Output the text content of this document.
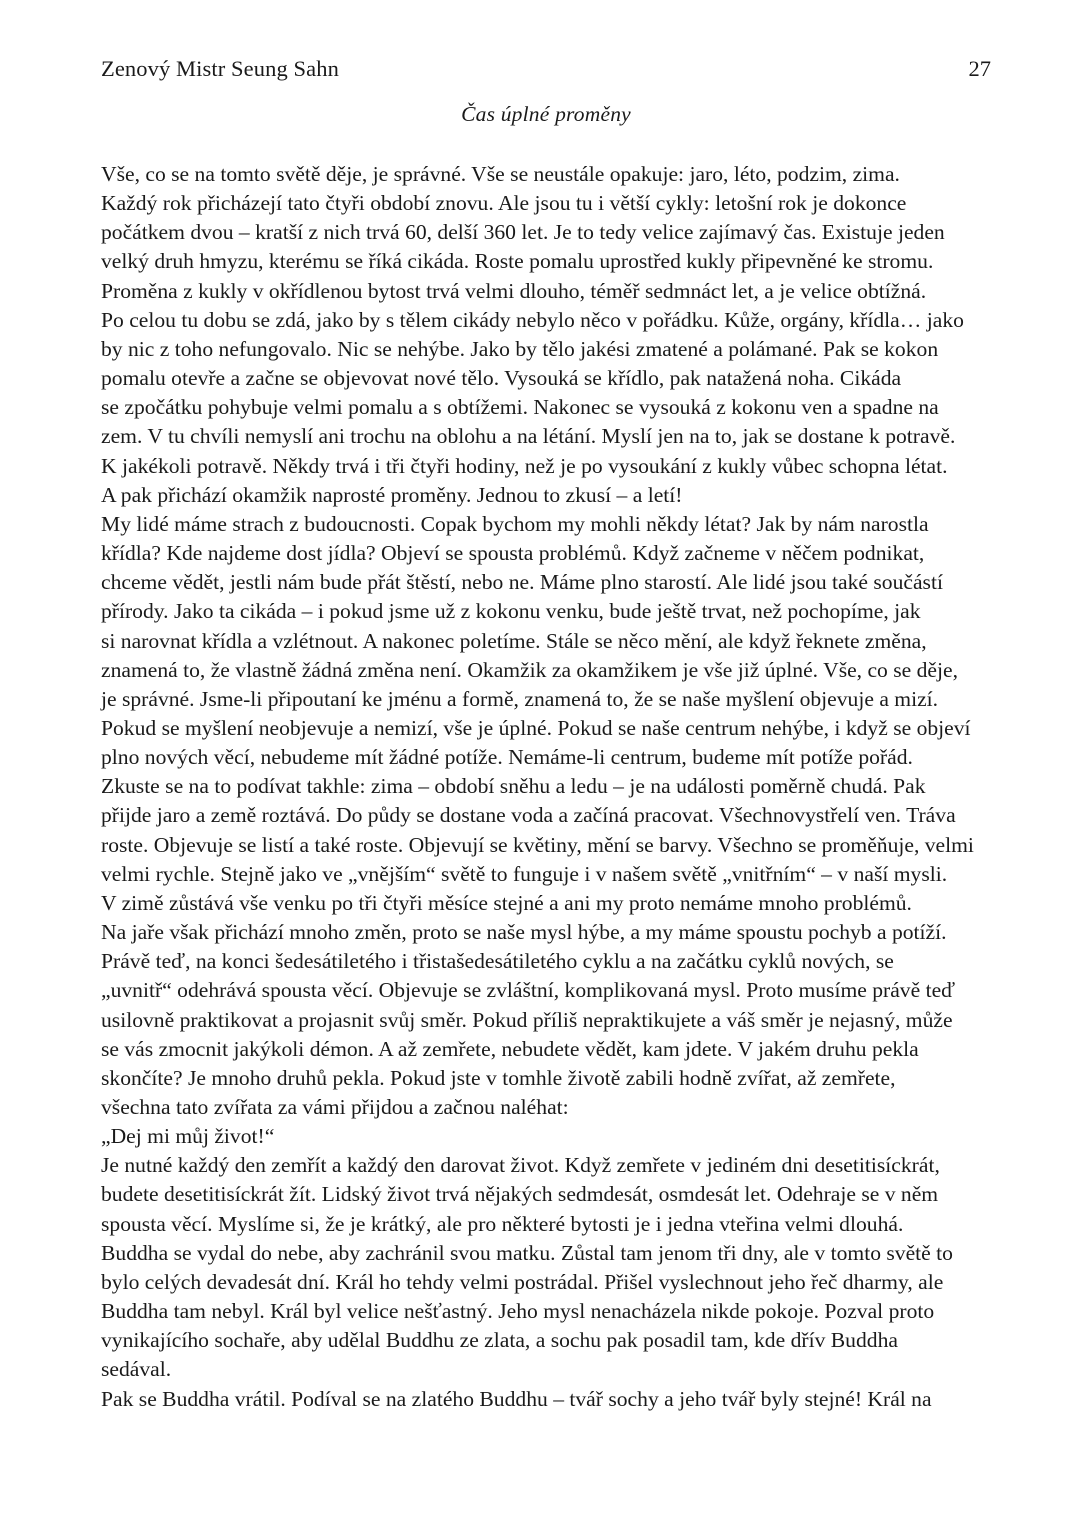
Zenový Mistr Seung Sahn	27
Čas úplné proměny

Vše, co se na tomto světě děje, je správné. Vše se neustále opakuje: jaro, léto, podzim, zima.
Každý rok přicházejí tato čtyři období znovu. Ale jsou tu i větší cykly: letošní rok je dokonce
počátkem dvou – kratší z nich trvá 60, delší 360 let. Je to tedy velice zajímavý čas. Existuje jeden
velký druh hmyzu, kterému se říká cikáda. Roste pomalu uprostřed kukly připevněné ke stromu.
Proměna z kukly v okřídlenou bytost trvá velmi dlouho, téměř sedmnáct let, a je velice obtížná.
Po celou tu dobu se zdá, jako by s tělem cikády nebylo něco v pořádku. Kůže, orgány, křídla… jako
by nic z toho nefungovalo. Nic se nehýbe. Jako by tělo jakési zmatené a polámané. Pak se kokon
pomalu otevře a začne se objevovat nové tělo. Vysouká se křídlo, pak natažená noha. Cikáda
se zpočátku pohybuje velmi pomalu a s obtížemi. Nakonec se vysouká z kokonu ven a spadne na
zem. V tu chvíli nemyslí ani trochu na oblohu a na létání. Myslí jen na to, jak se dostane k potravě.
K jakékoli potravě. Někdy trvá i tři čtyři hodiny, než je po vysoukání z kukly vůbec schopna létat.
A pak přichází okamžik naprosté proměny. Jednou to zkusí – a letí!

My lidé máme strach z budoucnosti. Copak bychom my mohli někdy létat? Jak by nám narostla
křídla? Kde najdeme dost jídla? Objeví se spousta problémů. Když začneme v něčem podnikat,
chceme vědět, jestli nám bude přát štěstí, nebo ne. Máme plno starostí. Ale lidé jsou také součástí
přírody. Jako ta cikáda – i pokud jsme už z kokonu venku, bude ještě trvat, než pochopíme, jak
si narovnat křídla a vzlétnout. A nakonec poletíme. Stále se něco mění, ale když řeknete změna,
znamená to, že vlastně žádná změna není. Okamžik za okamžikem je vše již úplné. Vše, co se děje,
je správné. Jsme-li připoutaní ke jménu a formě, znamená to, že se naše myšlení objevuje a mizí.
Pokud se myšlení neobjevuje a nemizí, vše je úplné. Pokud se naše centrum nehýbe, i když se objeví
plno nových věcí, nebudeme mít žádné potíže. Nemáme-li centrum, budeme mít potíže pořád.
Zkuste se na to podívat takhle: zima – období sněhu a ledu – je na události poměrně chudá. Pak
přijde jaro a země roztává. Do půdy se dostane voda a začíná pracovat. Všechnovystřelí ven. Tráva
roste. Objevuje se listí a také roste. Objevují se květiny, mění se barvy. Všechno se proměňuje, velmi
velmi rychle. Stejně jako ve „vnějším“ světě to funguje i v našem světě „vnitřním“ – v naší mysli.

V zimě zůstává vše venku po tři čtyři měsíce stejné a ani my proto nemáme mnoho problémů.
Na jaře však přichází mnoho změn, proto se naše mysl hýbe, a my máme spoustu pochyb a potíží.
Právě teď, na konci šedesátiletého i třistašedesátiletého cyklu a na začátku cyklů nových, se
„uvnitř“ odehrává spousta věcí. Objevuje se zvláštní, komplikovaná mysl. Proto musíme právě teď
usilovně praktikovat a projasnit svůj směr. Pokud příliš nepraktikujete a váš směr je nejasný, může
se vás zmocnit jakýkoli démon. A až zemřete, nebudete vědět, kam jdete. V jakém druhu pekla
skončíte? Je mnoho druhů pekla. Pokud jste v tomhle životě zabili hodně zvířat, až zemřete,
všechna tato zvířata za vámi přijdou a začnou naléhat:

„Dej mi můj život!“

Je nutné každý den zemřít a každý den darovat život. Když zemřete v jediném dni desetitisíckrát,
budete desetitisíckrát žít. Lidský život trvá nějakých sedmdesát, osmdesát let. Odehraje se v něm
spousta věcí. Myslíme si, že je krátký, ale pro některé bytosti je i jedna vteřina velmi dlouhá.
Buddha se vydal do nebe, aby zachránil svou matku. Zůstal tam jenom tři dny, ale v tomto světě to
bylo celých devadesát dní. Král ho tehdy velmi postrádal. Přišel vyslechnout jeho řeč dharmy, ale
Buddha tam nebyl. Král byl velice nešťastný. Jeho mysl nenacházela nikde pokoje. Pozval proto
vynikajícího sochaře, aby udělal Buddhu ze zlata, a sochu pak posadil tam, kde dřív Buddha
sedával.

Pak se Buddha vrátil. Podíval se na zlatého Buddhu – tvář sochy a jeho tvář byly stejné! Král na
